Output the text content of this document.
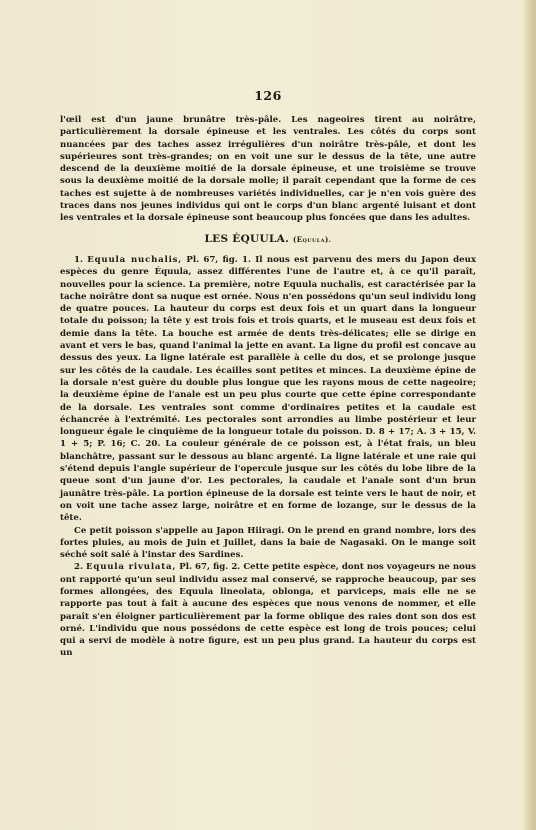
126

l'œil est d'un jaune brunâtre très-pâle. Les nageoires tirent au noirâtre, particulièrement la dorsale épineuse et les ventrales. Les côtés du corps sont nuancées par des taches assez irrégulières d'un noirâtre très-pâle, et dont les supérieures sont très-grandes; on en voit une sur le dessus de la tête, une autre descend de la deuxième moitié de la dorsale épineuse, et une troisième se trouve sous la deuxième moitié de la dorsale molle; il paraît cependant que la forme de ces taches est sujette à de nombreuses variétés individuelles, car je n'en vois guère des traces dans nos jeunes individus qui ont le corps d'un blanc argenté luisant et dont les ventrales et la dorsale épineuse sont beaucoup plus foncées que dans les adultes.

LES ÉQUULA. (Equula).

1. Equula nuchalis, Pl. 67, fig. 1. Il nous est parvenu des mers du Japon deux espèces du genre Équula, assez différentes l'une de l'autre et, à ce qu'il paraît, nouvelles pour la science. La première, notre Equula nuchalis, est caractérisée par la tache noirâtre dont sa nuque est ornée. Nous n'en possédons qu'un seul individu long de quatre pouces. La hauteur du corps est deux fois et un quart dans la longueur totale du poisson; la tête y est trois fois et trois quarts, et le museau est deux fois et demie dans la tête. La bouche est armée de dents très-délicates; elle se dirige en avant et vers le bas, quand l'animal la jette en avant. La ligne du profil est concave au dessus des yeux. La ligne latérale est parallèle à celle du dos, et se prolonge jusque sur les côtés de la caudale. Les écailles sont petites et minces. La deuxième épine de la dorsale n'est guère du double plus longue que les rayons mous de cette nageoire; la deuxième épine de l'anale est un peu plus courte que cette épine correspondante de la dorsale. Les ventrales sont comme d'ordinaires petites et la caudale est échancrée à l'extrémité. Les pectorales sont arrondies au limbe postérieur et leur longueur égale le cinquième de la longueur totale du poisson. D. 8 + 17; A. 3 + 15, V. 1 + 5; P. 16; C. 20. La couleur générale de ce poisson est, à l'état frais, un bleu blanchâtre, passant sur le dessous au blanc argenté. La ligne latérale et une raie qui s'étend depuis l'angle supérieur de l'opercule jusque sur les côtés du lobe libre de la queue sont d'un jaune d'or. Les pectorales, la caudale et l'anale sont d'un brun jaunâtre très-pâle. La portion épineuse de la dorsale est teinte vers le haut de noir, et on voit une tache assez large, noirâtre et en forme de lozange, sur le dessus de la tête.

Ce petit poisson s'appelle au Japon Hiiragi. On le prend en grand nombre, lors des fortes pluies, au mois de Juin et Juillet, dans la baie de Nagasaki. On le mange soit séché soit salé à l'instar des Sardines.

2. Equula rivulata, Pl. 67, fig. 2. Cette petite espèce, dont nos voyageurs ne nous ont rapporté qu'un seul individu assez mal conservé, se rapproche beaucoup, par ses formes allongées, des Equula lineolata, oblonga, et parviceps, mais elle ne se rapporte pas tout à fait à aucune des espèces que nous venons de nommer, et elle paraît s'en éloigner particulièrement par la forme oblique des raies dont son dos est orné. L'individu que nous possédons de cette espèce est long de trois pouces; celui qui a servi de modèle à notre figure, est un peu plus grand. La hauteur du corps est un
